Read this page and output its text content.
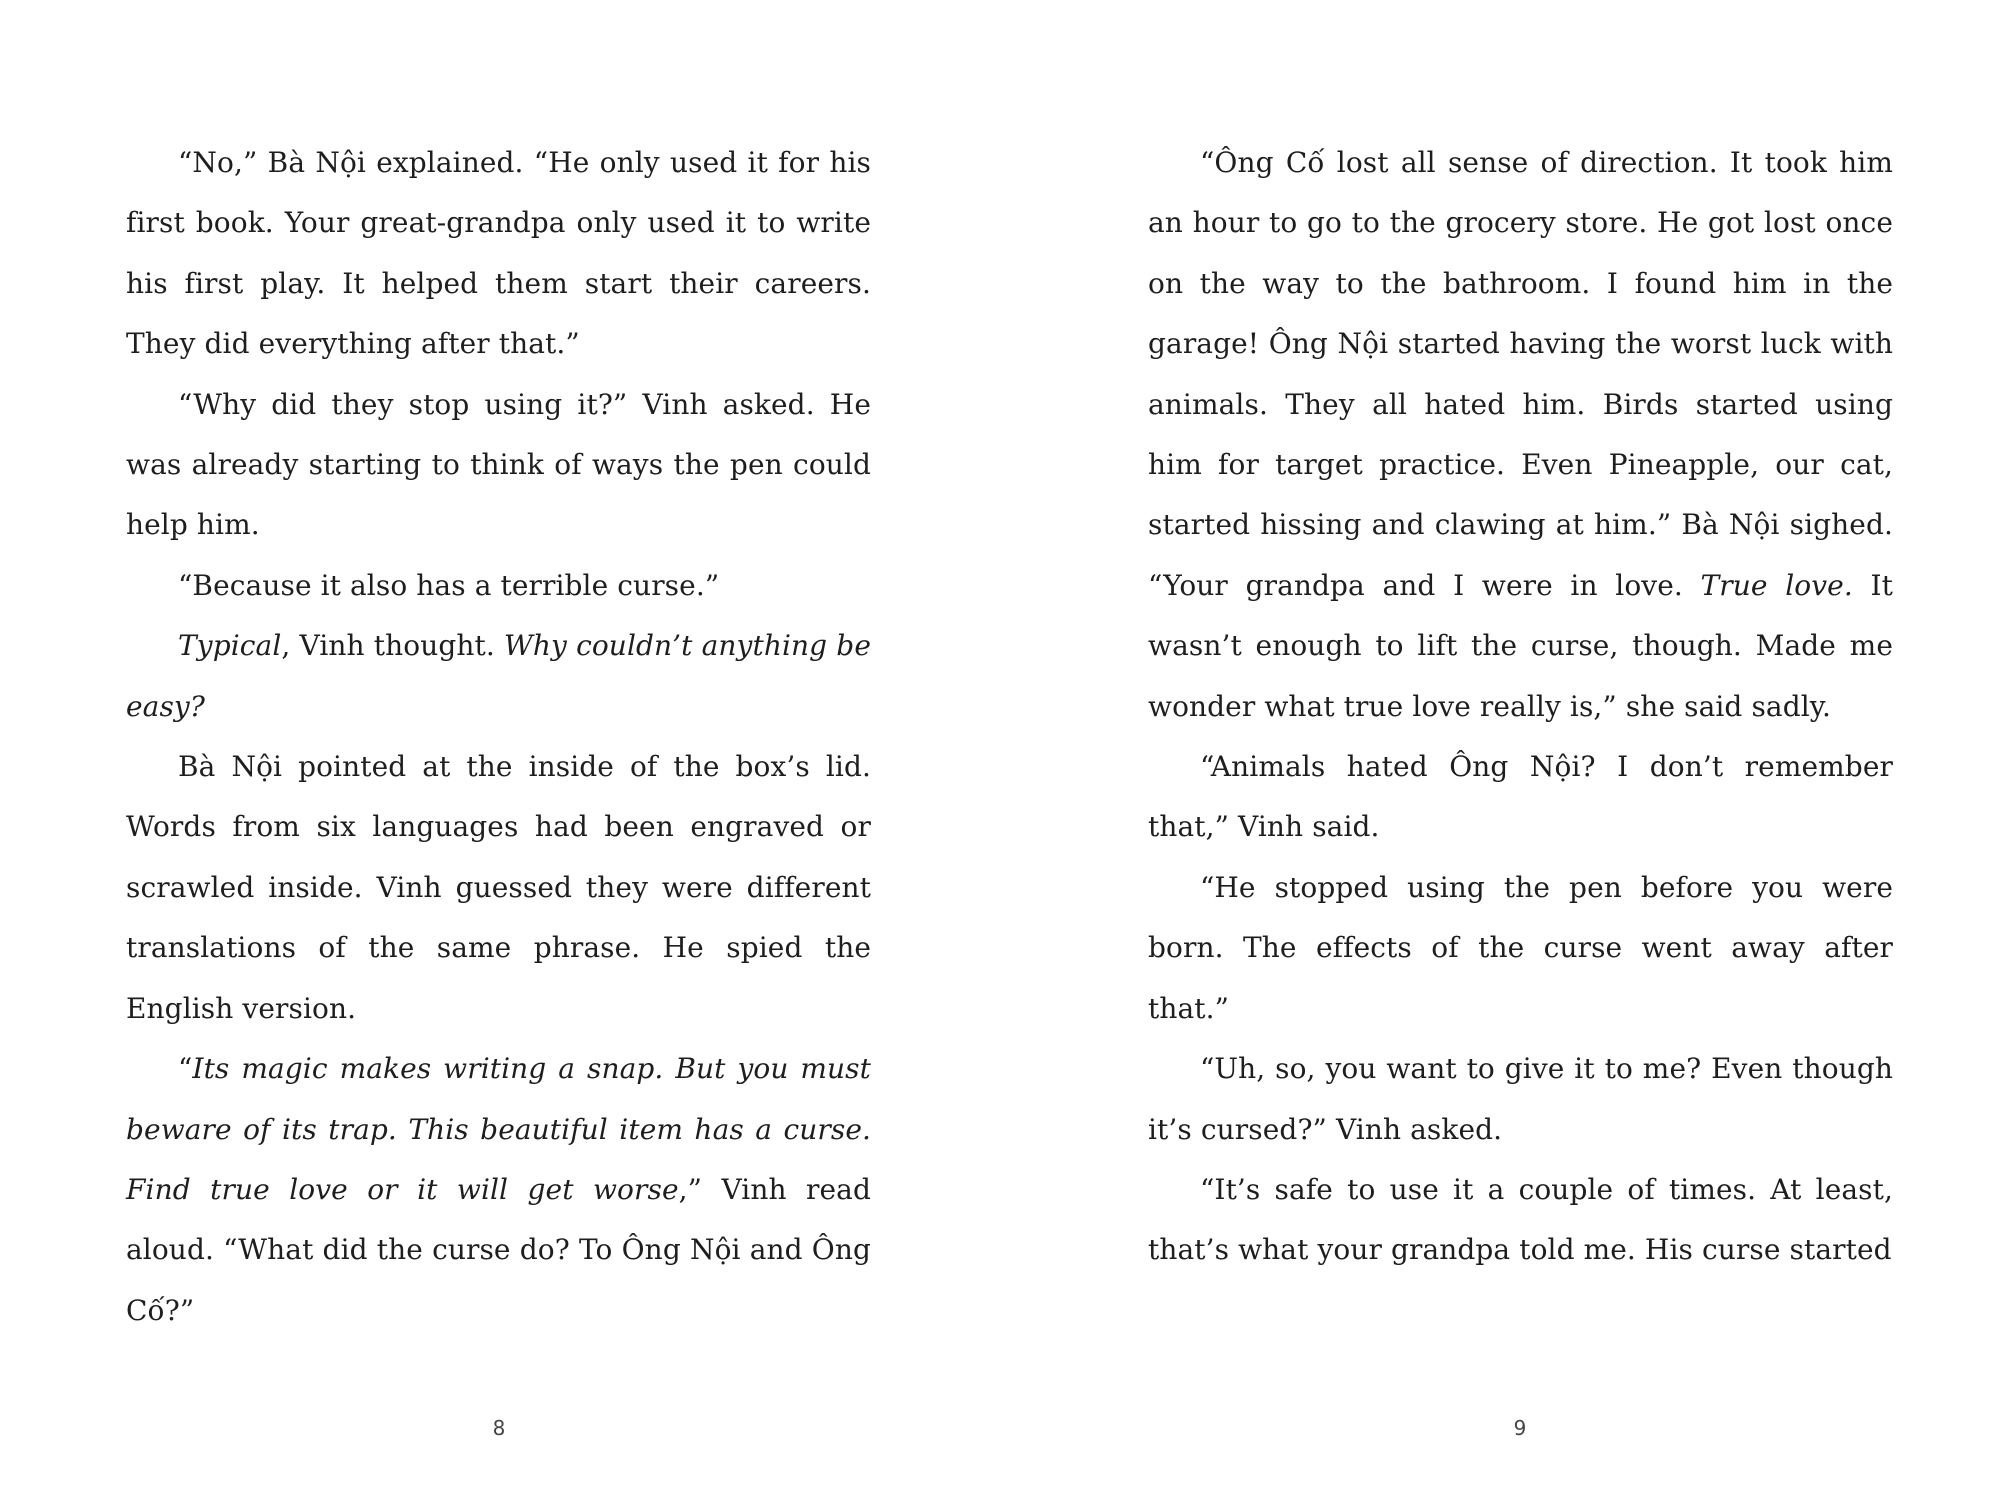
“No,” Bà Nội explained. “He only used it for his first book. Your great-grandpa only used it to write his first play. It helped them start their careers. They did everything after that.”

“Why did they stop using it?” Vinh asked. He was already starting to think of ways the pen could help him.

“Because it also has a terrible curse.”

Typical, Vinh thought. Why couldn’t anything be easy?

Bà Nội pointed at the inside of the box’s lid. Words from six languages had been engraved or scrawled inside. Vinh guessed they were different translations of the same phrase. He spied the English version.

“Its magic makes writing a snap. But you must beware of its trap. This beautiful item has a curse. Find true love or it will get worse,” Vinh read aloud. “What did the curse do? To Ông Nội and Ông Cố?”

8

“Ông Cố lost all sense of direction. It took him an hour to go to the grocery store. He got lost once on the way to the bathroom. I found him in the garage! Ông Nội started having the worst luck with animals. They all hated him. Birds started using him for target practice. Even Pineapple, our cat, started hissing and clawing at him.” Bà Nội sighed. “Your grandpa and I were in love. True love. It wasn’t enough to lift the curse, though. Made me wonder what true love really is,” she said sadly.

“Animals hated Ông Nội? I don’t remember that,” Vinh said.

“He stopped using the pen before you were born. The effects of the curse went away after that.”

“Uh, so, you want to give it to me? Even though it’s cursed?” Vinh asked.

“It’s safe to use it a couple of times. At least, that’s what your grandpa told me. His curse started

9
